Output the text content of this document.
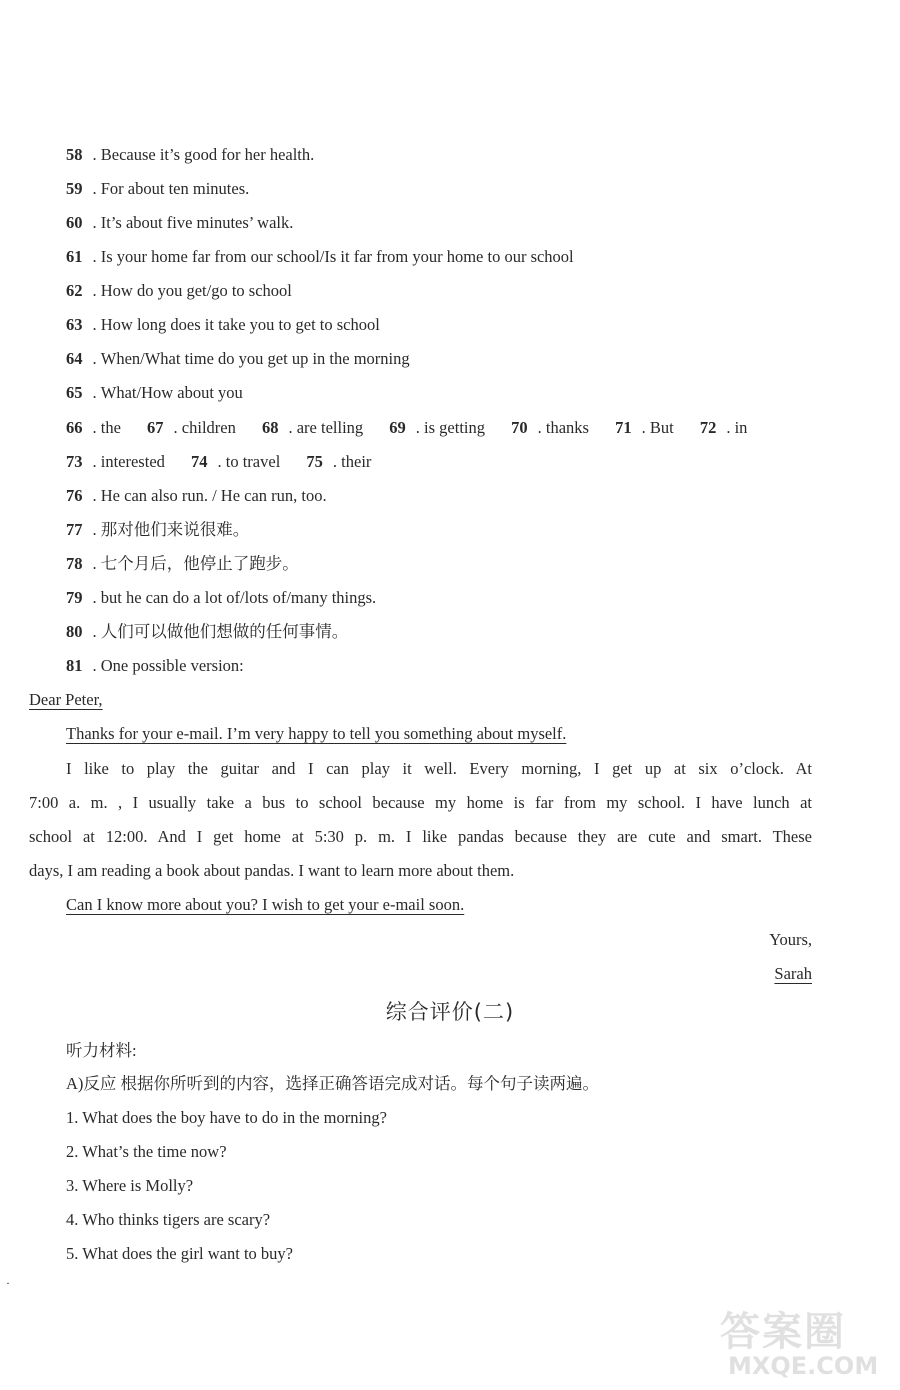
58 . Because it’s good for her health.
59 . For about ten minutes.
60 . It’s about five minutes’ walk.
61 . Is your home far from our school/Is it far from your home to our school
62 . How do you get/go to school
63 . How long does it take you to get to school
64 . When/What time do you get up in the morning
65 . What/How about you
66 . the 67 . children 68 . are telling 69 . is getting 70 . thanks 71 . But 72 . in
73 . interested 74 . to travel 75 . their
76 . He can also run. / He can run, too.
77 . 那对他们来说很难。
78 . 七个月后，他停止了跑步。
79 . but he can do a lot of/lots of/many things.
80 . 人们可以做他们想做的任何事情。
81 . One possible version:
Dear Peter,
Thanks for your e-mail. I’m very happy to tell you something about myself.
I like to play the guitar and I can play it well. Every morning, I get up at six o’clock. At
7:00 a. m. , I usually take a bus to school because my home is far from my school. I have lunch at
school at 12:00. And I get home at 5:30 p. m. I like pandas because they are cute and smart. These
days, I am reading a book about pandas. I want to learn more about them.
Can I know more about you? I wish to get your e-mail soon.
Yours,
Sarah
综合评价(二)
听力材料:
A)反应 根据你所听到的内容，选择正确答语完成对话。每个句子读两遍。
1. What does the boy have to do in the morning?
2. What’s the time now?
3. Where is Molly?
4. Who thinks tigers are scary?
5. What does the girl want to buy?
·
答案圈
MXQE.COM
